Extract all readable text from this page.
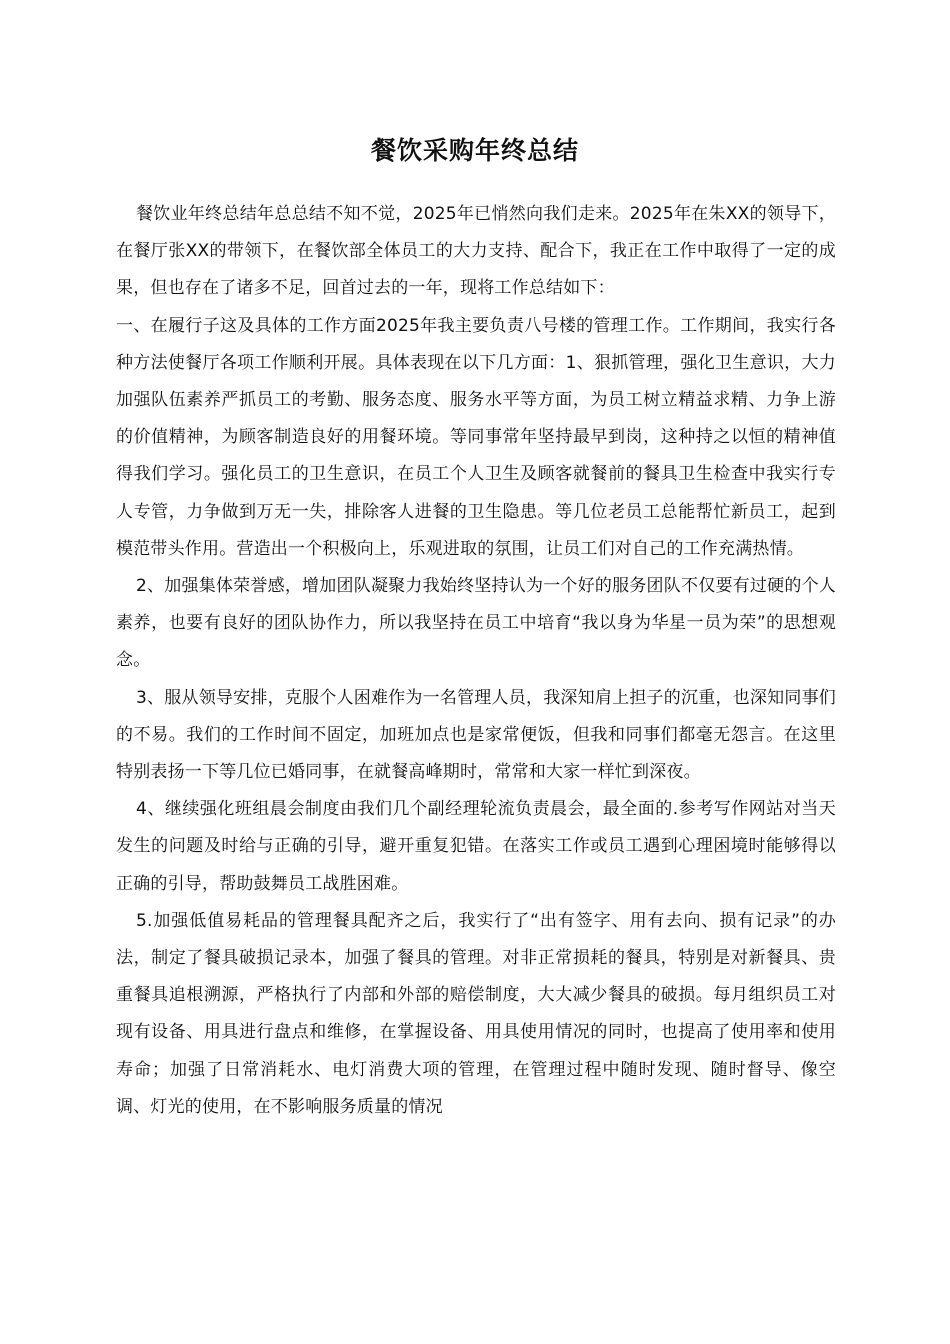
餐饮采购年终总结

餐饮业年终总结年总总结不知不觉，2025年已悄然向我们走来。2025年在朱XX的领导下，在餐厅张XX的带领下，在餐饮部全体员工的大力支持、配合下，我正在工作中取得了一定的成果，但也存在了诸多不足，回首过去的一年，现将工作总结如下：

一、在履行子这及具体的工作方面2025年我主要负责八号楼的管理工作。工作期间，我实行各种方法使餐厅各项工作顺利开展。具体表现在以下几方面：1、狠抓管理，强化卫生意识，大力加强队伍素养严抓员工的考勤、服务态度、服务水平等方面，为员工树立精益求精、力争上游的价值精神，为顾客制造良好的用餐环境。等同事常年坚持最早到岗，这种持之以恒的精神值得我们学习。强化员工的卫生意识，在员工个人卫生及顾客就餐前的餐具卫生检查中我实行专人专管，力争做到万无一失，排除客人进餐的卫生隐患。等几位老员工总能帮忙新员工，起到模范带头作用。营造出一个积极向上，乐观进取的氛围，让员工们对自己的工作充满热情。

2、加强集体荣誉感，增加团队凝聚力我始终坚持认为一个好的服务团队不仅要有过硬的个人素养，也要有良好的团队协作力，所以我坚持在员工中培育“我以身为华星一员为荣”的思想观念。

3、服从领导安排，克服个人困难作为一名管理人员，我深知肩上担子的沉重，也深知同事们的不易。我们的工作时间不固定，加班加点也是家常便饭，但我和同事们都毫无怨言。在这里特别表扬一下等几位已婚同事，在就餐高峰期时，常常和大家一样忙到深夜。

4、继续强化班组晨会制度由我们几个副经理轮流负责晨会，最全面的.参考写作网站对当天发生的问题及时给与正确的引导，避开重复犯错。在落实工作或员工遇到心理困境时能够得以正确的引导，帮助鼓舞员工战胜困难。

5.加强低值易耗品的管理餐具配齐之后，我实行了“出有签字、用有去向、损有记录”的办法，制定了餐具破损记录本，加强了餐具的管理。对非正常损耗的餐具，特别是对新餐具、贵重餐具追根溯源，严格执行了内部和外部的赔偿制度，大大减少餐具的破损。每月组织员工对现有设备、用具进行盘点和维修，在掌握设备、用具使用情况的同时，也提高了使用率和使用寿命；加强了日常消耗水、电灯消费大项的管理，在管理过程中随时发现、随时督导、像空调、灯光的使用，在不影响服务质量的情况
